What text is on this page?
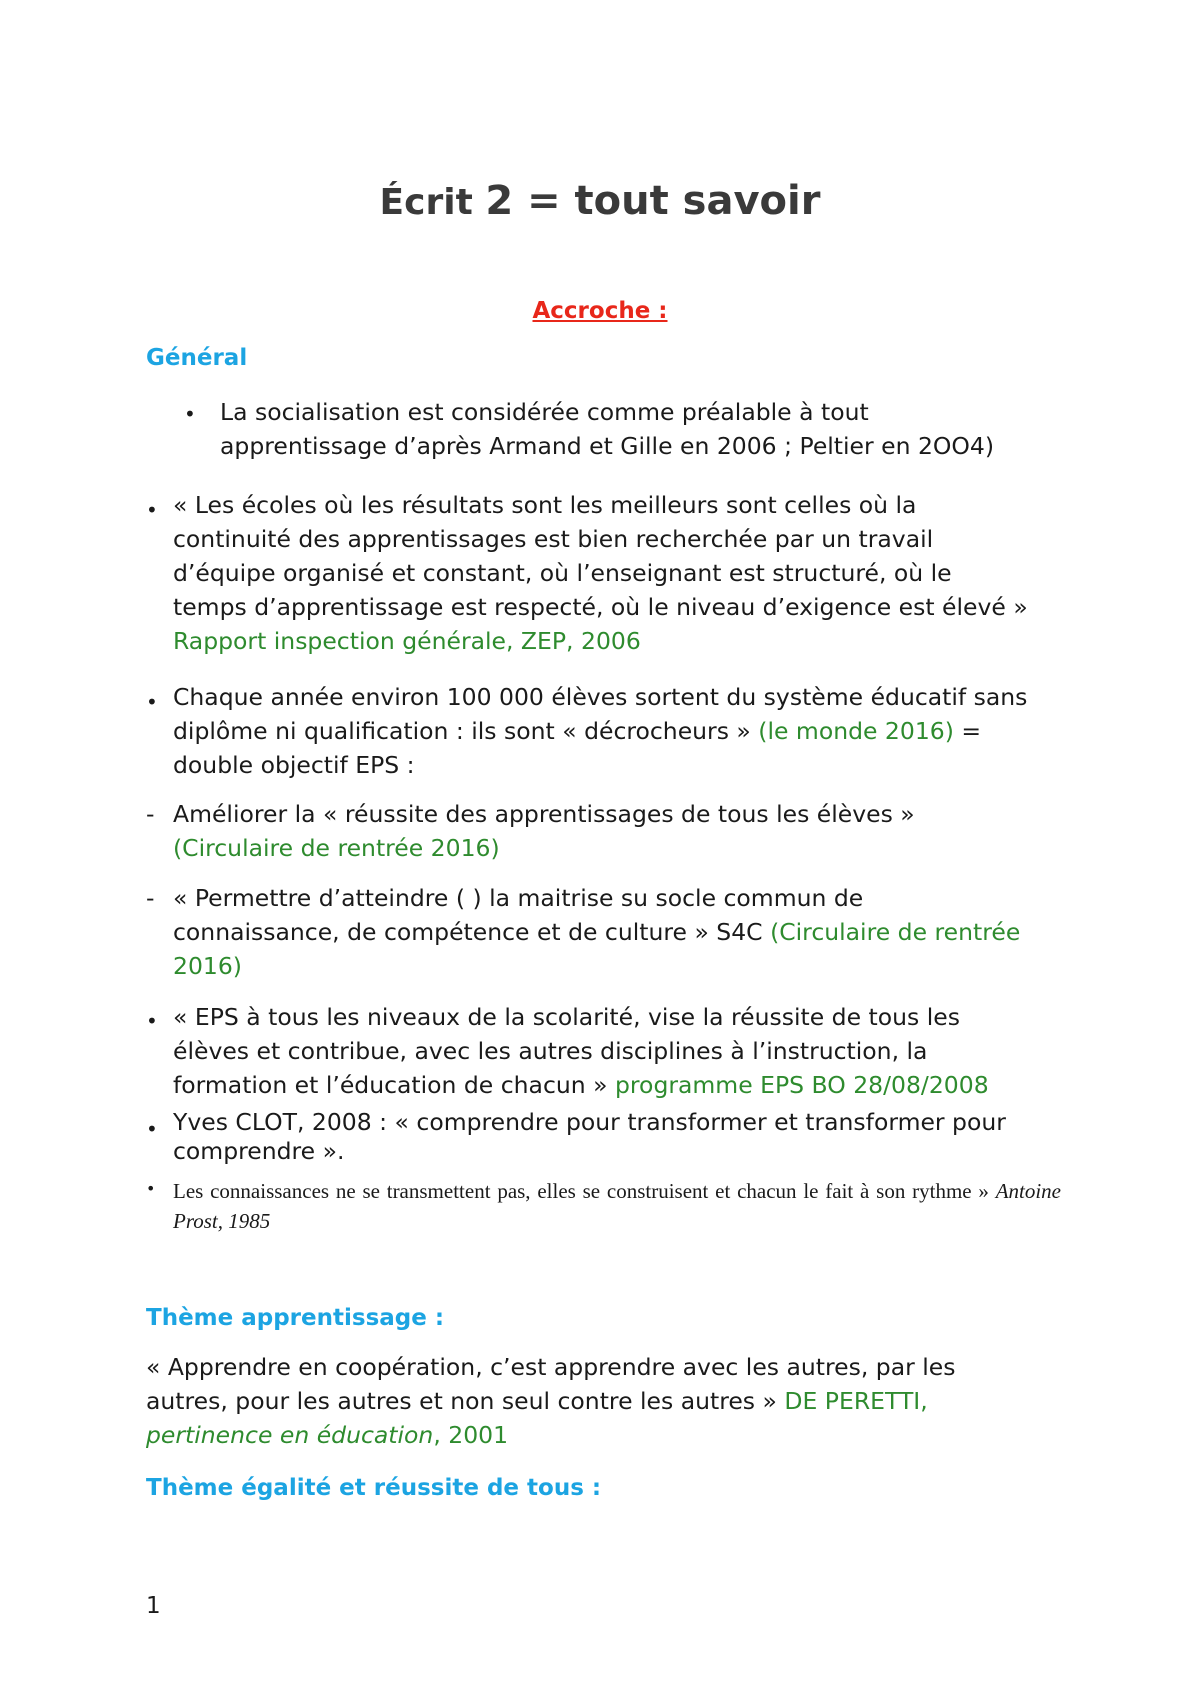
Écrit 2 = tout savoir
Accroche :
Général
• La socialisation est considérée comme préalable à tout
apprentissage d’après Armand et Gille en 2006 ; Peltier en 2OO4)
• « Les écoles où les résultats sont les meilleurs sont celles où la
continuité des apprentissages est bien recherchée par un travail
d’équipe organisé et constant, où l’enseignant est structuré, où le
temps d’apprentissage est respecté, où le niveau d’exigence est élevé »
Rapport inspection générale, ZEP, 2006
• Chaque année environ 100 000 élèves sortent du système éducatif sans
diplôme ni qualification : ils sont « décrocheurs » (le monde 2016) =
double objectif EPS :
- Améliorer la « réussite des apprentissages de tous les élèves »
(Circulaire de rentrée 2016)
- « Permettre d’atteindre ( ) la maitrise su socle commun de
connaissance, de compétence et de culture » S4C (Circulaire de rentrée
2016)
• « EPS à tous les niveaux de la scolarité, vise la réussite de tous les
élèves et contribue, avec les autres disciplines à l’instruction, la
formation et l’éducation de chacun » programme EPS BO 28/08/2008
• Yves CLOT, 2008 : « comprendre pour transformer et transformer pour
comprendre ».
• Les connaissances ne se transmettent pas, elles se construisent et chacun le fait à son rythme » Antoine Prost, 1985
Thème apprentissage :
« Apprendre en coopération, c’est apprendre avec les autres, par les
autres, pour les autres et non seul contre les autres » DE PERETTI,
pertinence en éducation, 2001
Thème égalité et réussite de tous :
1
